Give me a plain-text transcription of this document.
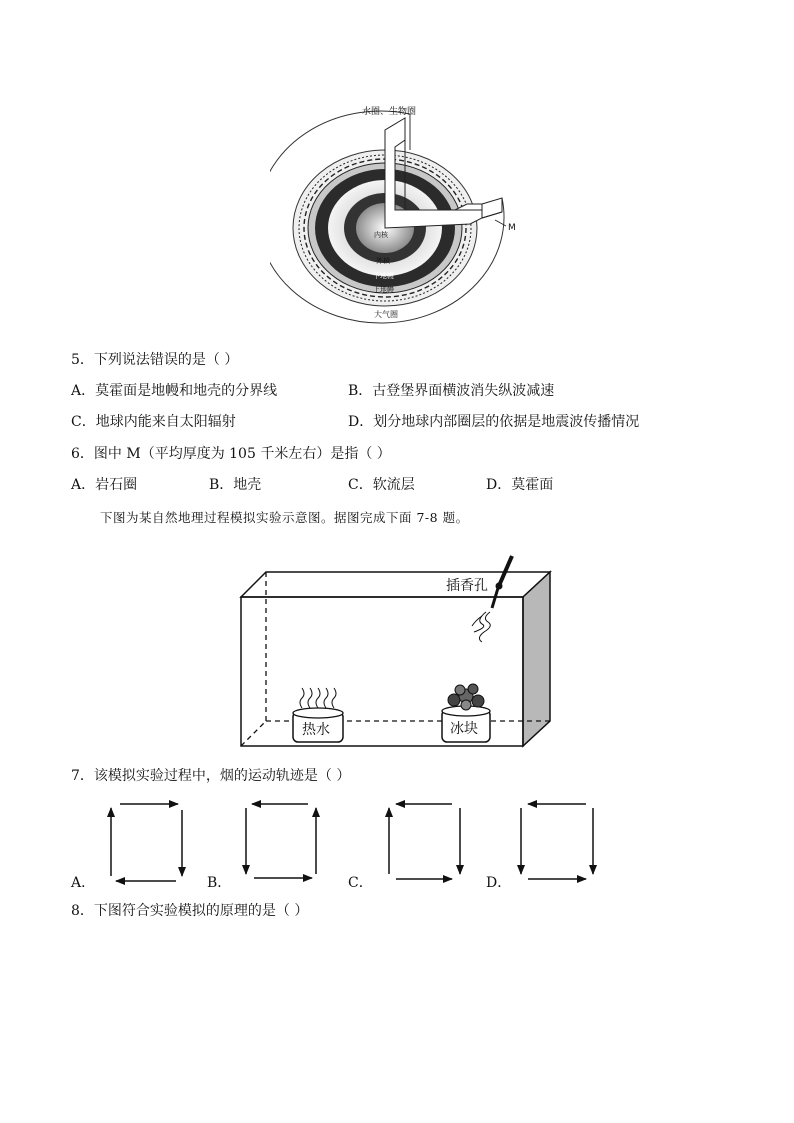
水圈、生物圈
M
内核
外核
下地幔
上地幔
大气圈
5．下列说法错误的是（ ）
A．莫霍面是地幔和地壳的分界线	B．古登堡界面横波消失纵波减速
C．地球内能来自太阳辐射	D．划分地球内部圈层的依据是地震波传播情况
6．图中 M（平均厚度为 105 千米左右）是指（ ）
A．岩石圈	B．地壳	C．软流层	D．莫霍面
下图为某自然地理过程模拟实验示意图。据图完成下面 7-8 题。
插香孔
热水	冰块
7．该模拟实验过程中，烟的运动轨迹是（ ）
A．	B．	C．	D．
8．下图符合实验模拟的原理的是（ ）
